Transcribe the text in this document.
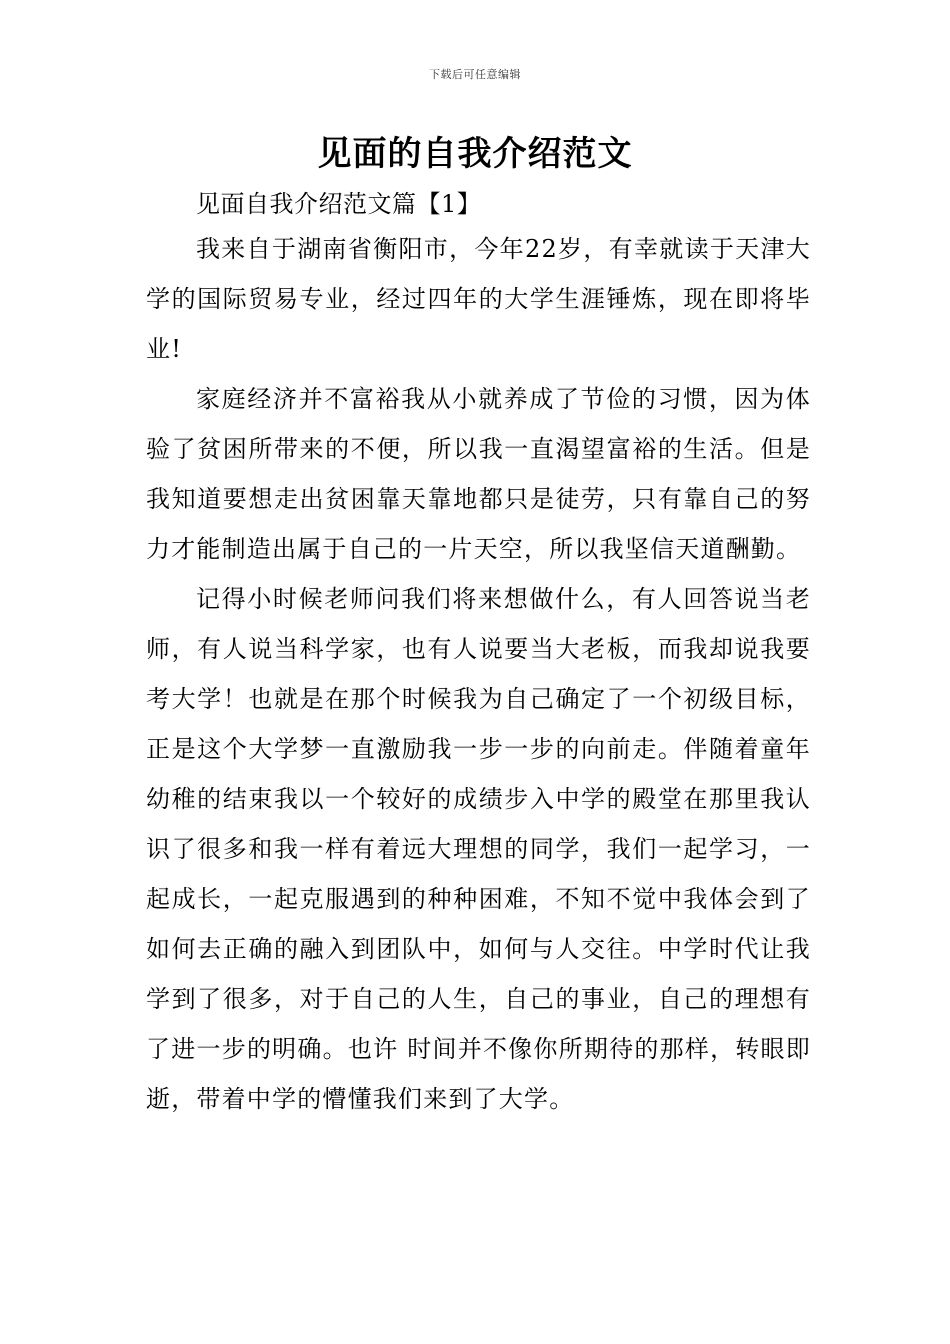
下载后可任意编辑
见面的自我介绍范文
见面自我介绍范文篇【1】

我来自于湖南省衡阳市，今年22岁，有幸就读于天津大学的国际贸易专业，经过四年的大学生涯锤炼，现在即将毕业!

家庭经济并不富裕我从小就养成了节俭的习惯，因为体验了贫困所带来的不便，所以我一直渴望富裕的生活。但是我知道要想走出贫困靠天靠地都只是徒劳，只有靠自己的努力才能制造出属于自己的一片天空，所以我坚信天道酬勤。

记得小时候老师问我们将来想做什么，有人回答说当老师，有人说当科学家，也有人说要当大老板，而我却说我要考大学！也就是在那个时候我为自己确定了一个初级目标，正是这个大学梦一直激励我一步一步的向前走。伴随着童年幼稚的结束我以一个较好的成绩步入中学的殿堂在那里我认识了很多和我一样有着远大理想的同学，我们一起学习，一起成长，一起克服遇到的种种困难，不知不觉中我体会到了如何去正确的融入到团队中，如何与人交往。中学时代让我学到了很多，对于自己的人生，自己的事业，自己的理想有了进一步的明确。也许 时间并不像你所期待的那样，转眼即逝，带着中学的懵懂我们来到了大学。
